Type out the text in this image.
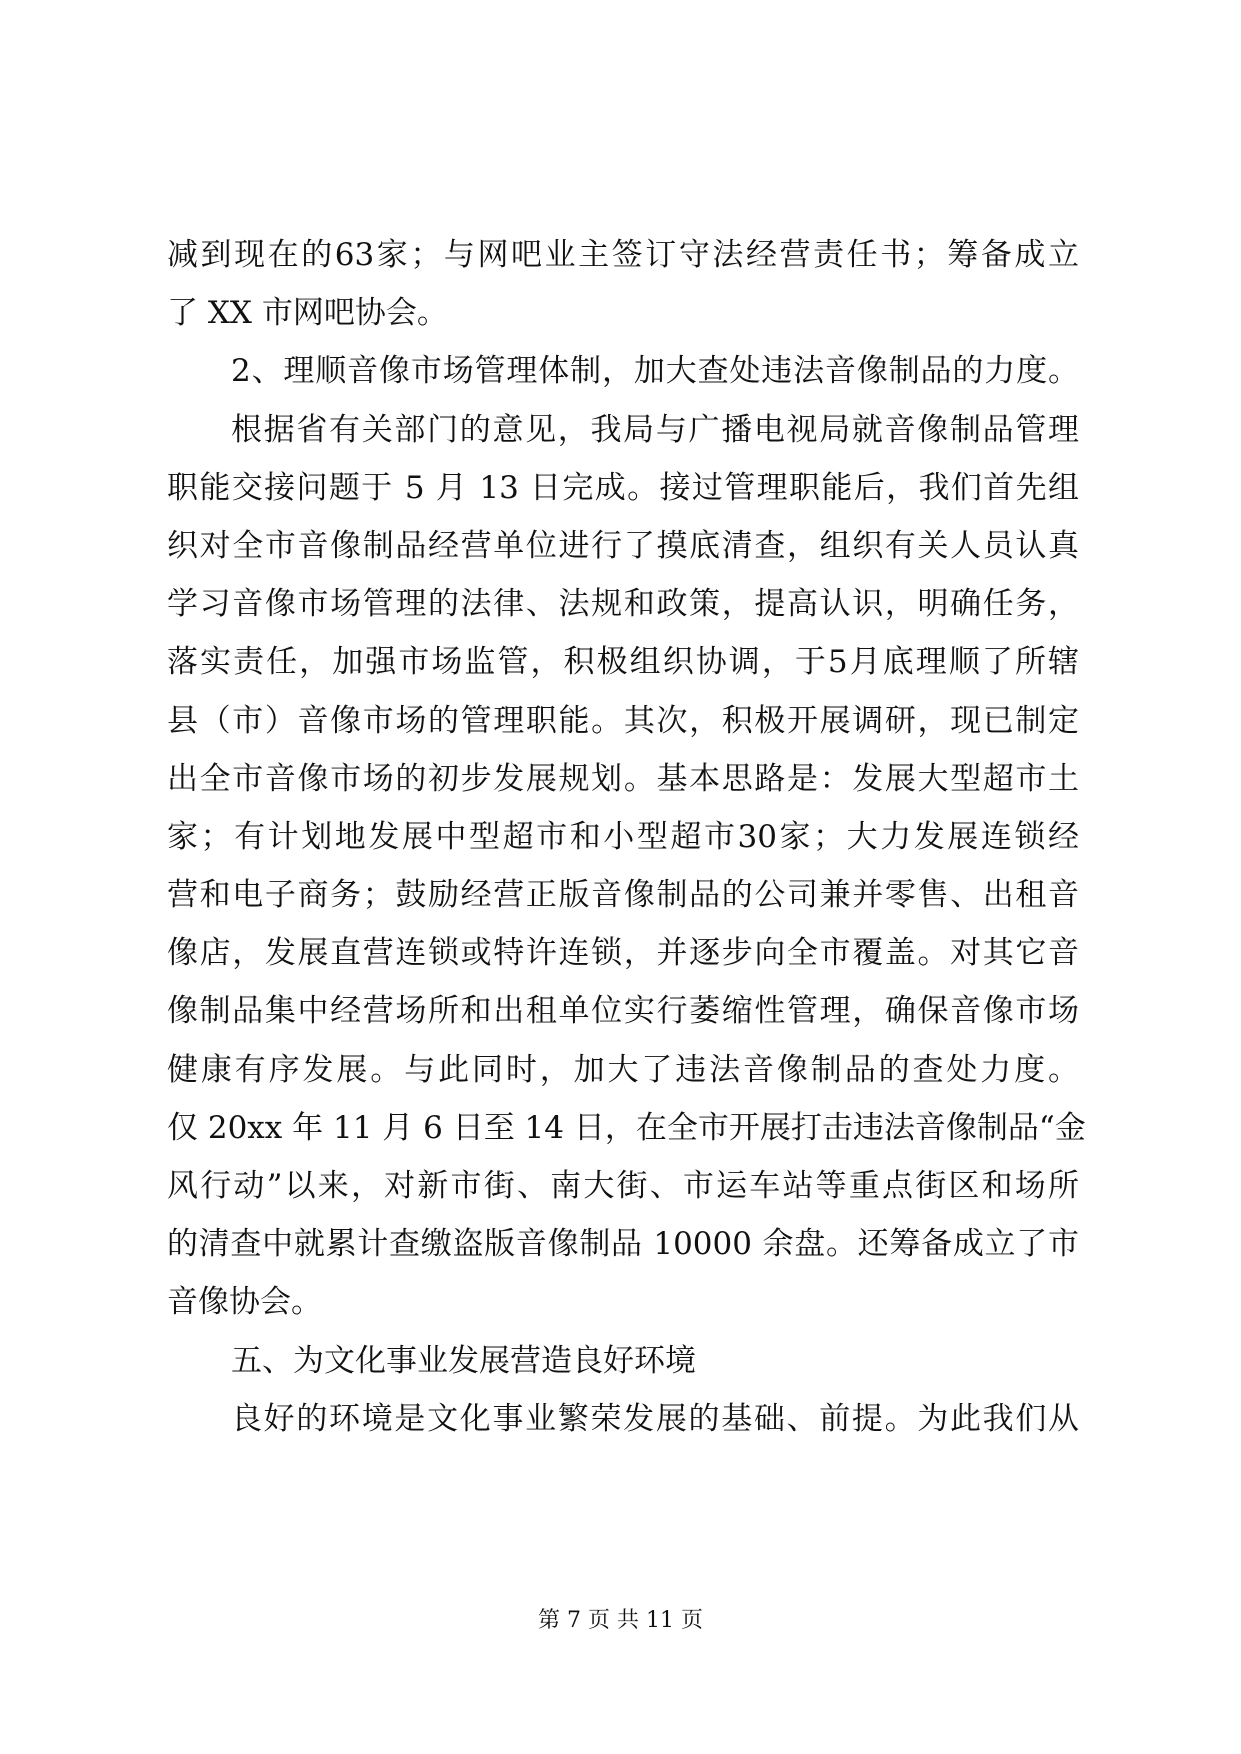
减到现在的63家；与网吧业主签订守法经营责任书；筹备成立
了 XX 市网吧协会。
2、理顺音像市场管理体制，加大查处违法音像制品的力度。
根据省有关部门的意见，我局与广播电视局就音像制品管理
职能交接问题于 5 月 13 日完成。接过管理职能后，我们首先组
织对全市音像制品经营单位进行了摸底清查，组织有关人员认真
学习音像市场管理的法律、法规和政策，提高认识，明确任务，
落实责任，加强市场监管，积极组织协调，于5月底理顺了所辖
县（市）音像市场的管理职能。其次，积极开展调研，现已制定
出全市音像市场的初步发展规划。基本思路是：发展大型超市土
家；有计划地发展中型超市和小型超市30家；大力发展连锁经
营和电子商务；鼓励经营正版音像制品的公司兼并零售、出租音
像店，发展直营连锁或特许连锁，并逐步向全市覆盖。对其它音
像制品集中经营场所和出租单位实行萎缩性管理，确保音像市场
健康有序发展。与此同时，加大了违法音像制品的查处力度。
仅 20xx 年 11 月 6 日至 14 日，在全市开展打击违法音像制品“金
风行动”以来，对新市街、南大街、市运车站等重点街区和场所
的清查中就累计查缴盗版音像制品 10000 余盘。还筹备成立了市
音像协会。
五、为文化事业发展营造良好环境
良好的环境是文化事业繁荣发展的基础、前提。为此我们从
第 7 页 共 11 页
